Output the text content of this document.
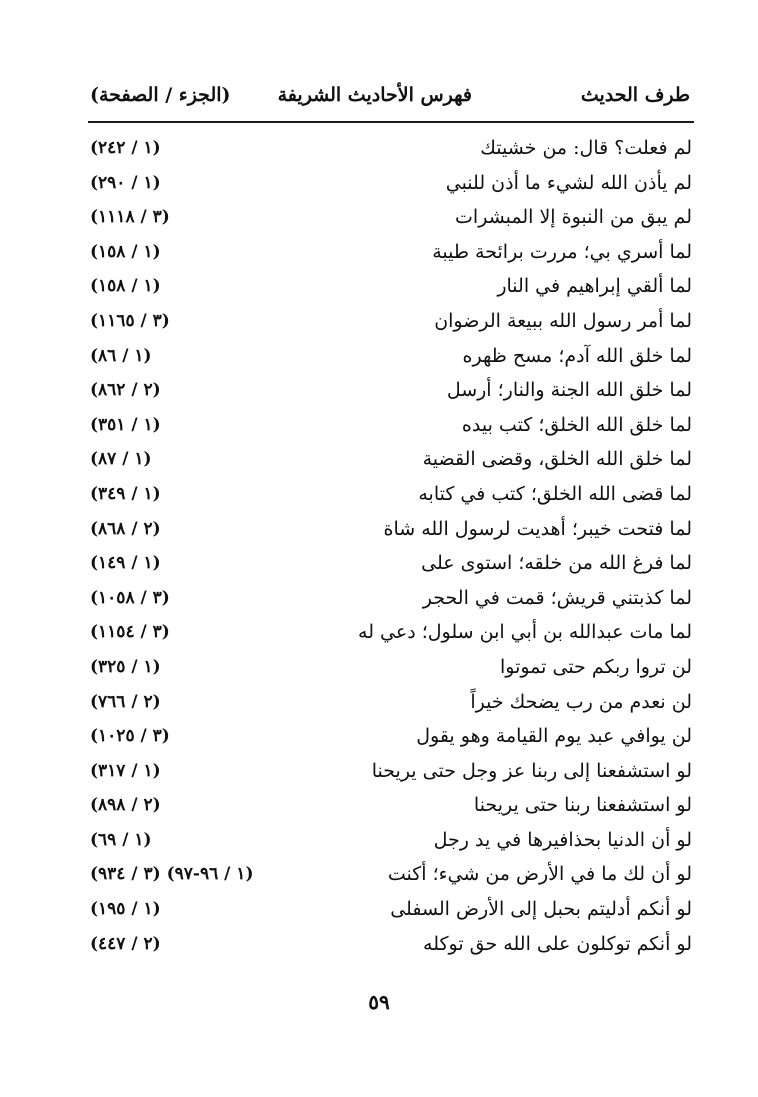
طرف الحديث
فهرس الأحاديث الشريفة
(الجزء / الصفحة)
لم فعلت؟ قال: من خشيتك
(١ / ٢٤٢)
لم يأذن الله لشيء ما أذن للنبي
(١ / ٢٩٠)
لم يبق من النبوة إلا المبشرات
(٣ / ١١١٨)
لما أسري بي؛ مررت برائحة طيبة
(١ / ١٥٨)
لما ألقي إبراهيم في النار
(١ / ١٥٨)
لما أمر رسول الله ببيعة الرضوان
(٣ / ١١٦٥)
لما خلق الله آدم؛ مسح ظهره
(١ / ٨٦)
لما خلق الله الجنة والنار؛ أرسل
(٢ / ٨٦٢)
لما خلق الله الخلق؛ كتب بيده
(١ / ٣٥١)
لما خلق الله الخلق، وقضى القضية
(١ / ٨٧)
لما قضى الله الخلق؛ كتب في كتابه
(١ / ٣٤٩)
لما فتحت خيبر؛ أهديت لرسول الله شاة
(٢ / ٨٦٨)
لما فرغ الله من خلقه؛ استوى على
(١ / ١٤٩)
لما كذبتني قريش؛ قمت في الحجر
(٣ / ١٠٥٨)
لما مات عبدالله بن أبي ابن سلول؛ دعي له
(٣ / ١١٥٤)
لن تروا ربكم حتى تموتوا
(١ / ٣٢٥)
لن نعدم من رب يضحك خيراً
(٢ / ٧٦٦)
لن يوافي عبد يوم القيامة وهو يقول
(٣ / ١٠٢٥)
لو استشفعنا إلى ربنا عز وجل حتى يريحنا
(١ / ٣١٧)
لو استشفعنا ربنا حتى يريحنا
(٢ / ٨٩٨)
لو أن الدنيا بحذافيرها في يد رجل
(١ / ٦٩)
لو أن لك ما في الأرض من شيء؛ أكنت
(١ / ٩٦-٩٧) (٣ / ٩٣٤)
لو أنكم أدليتم بحبل إلى الأرض السفلى
(١ / ١٩٥)
لو أنكم توكلون على الله حق توكله
(٢ / ٤٤٧)
٥٩
